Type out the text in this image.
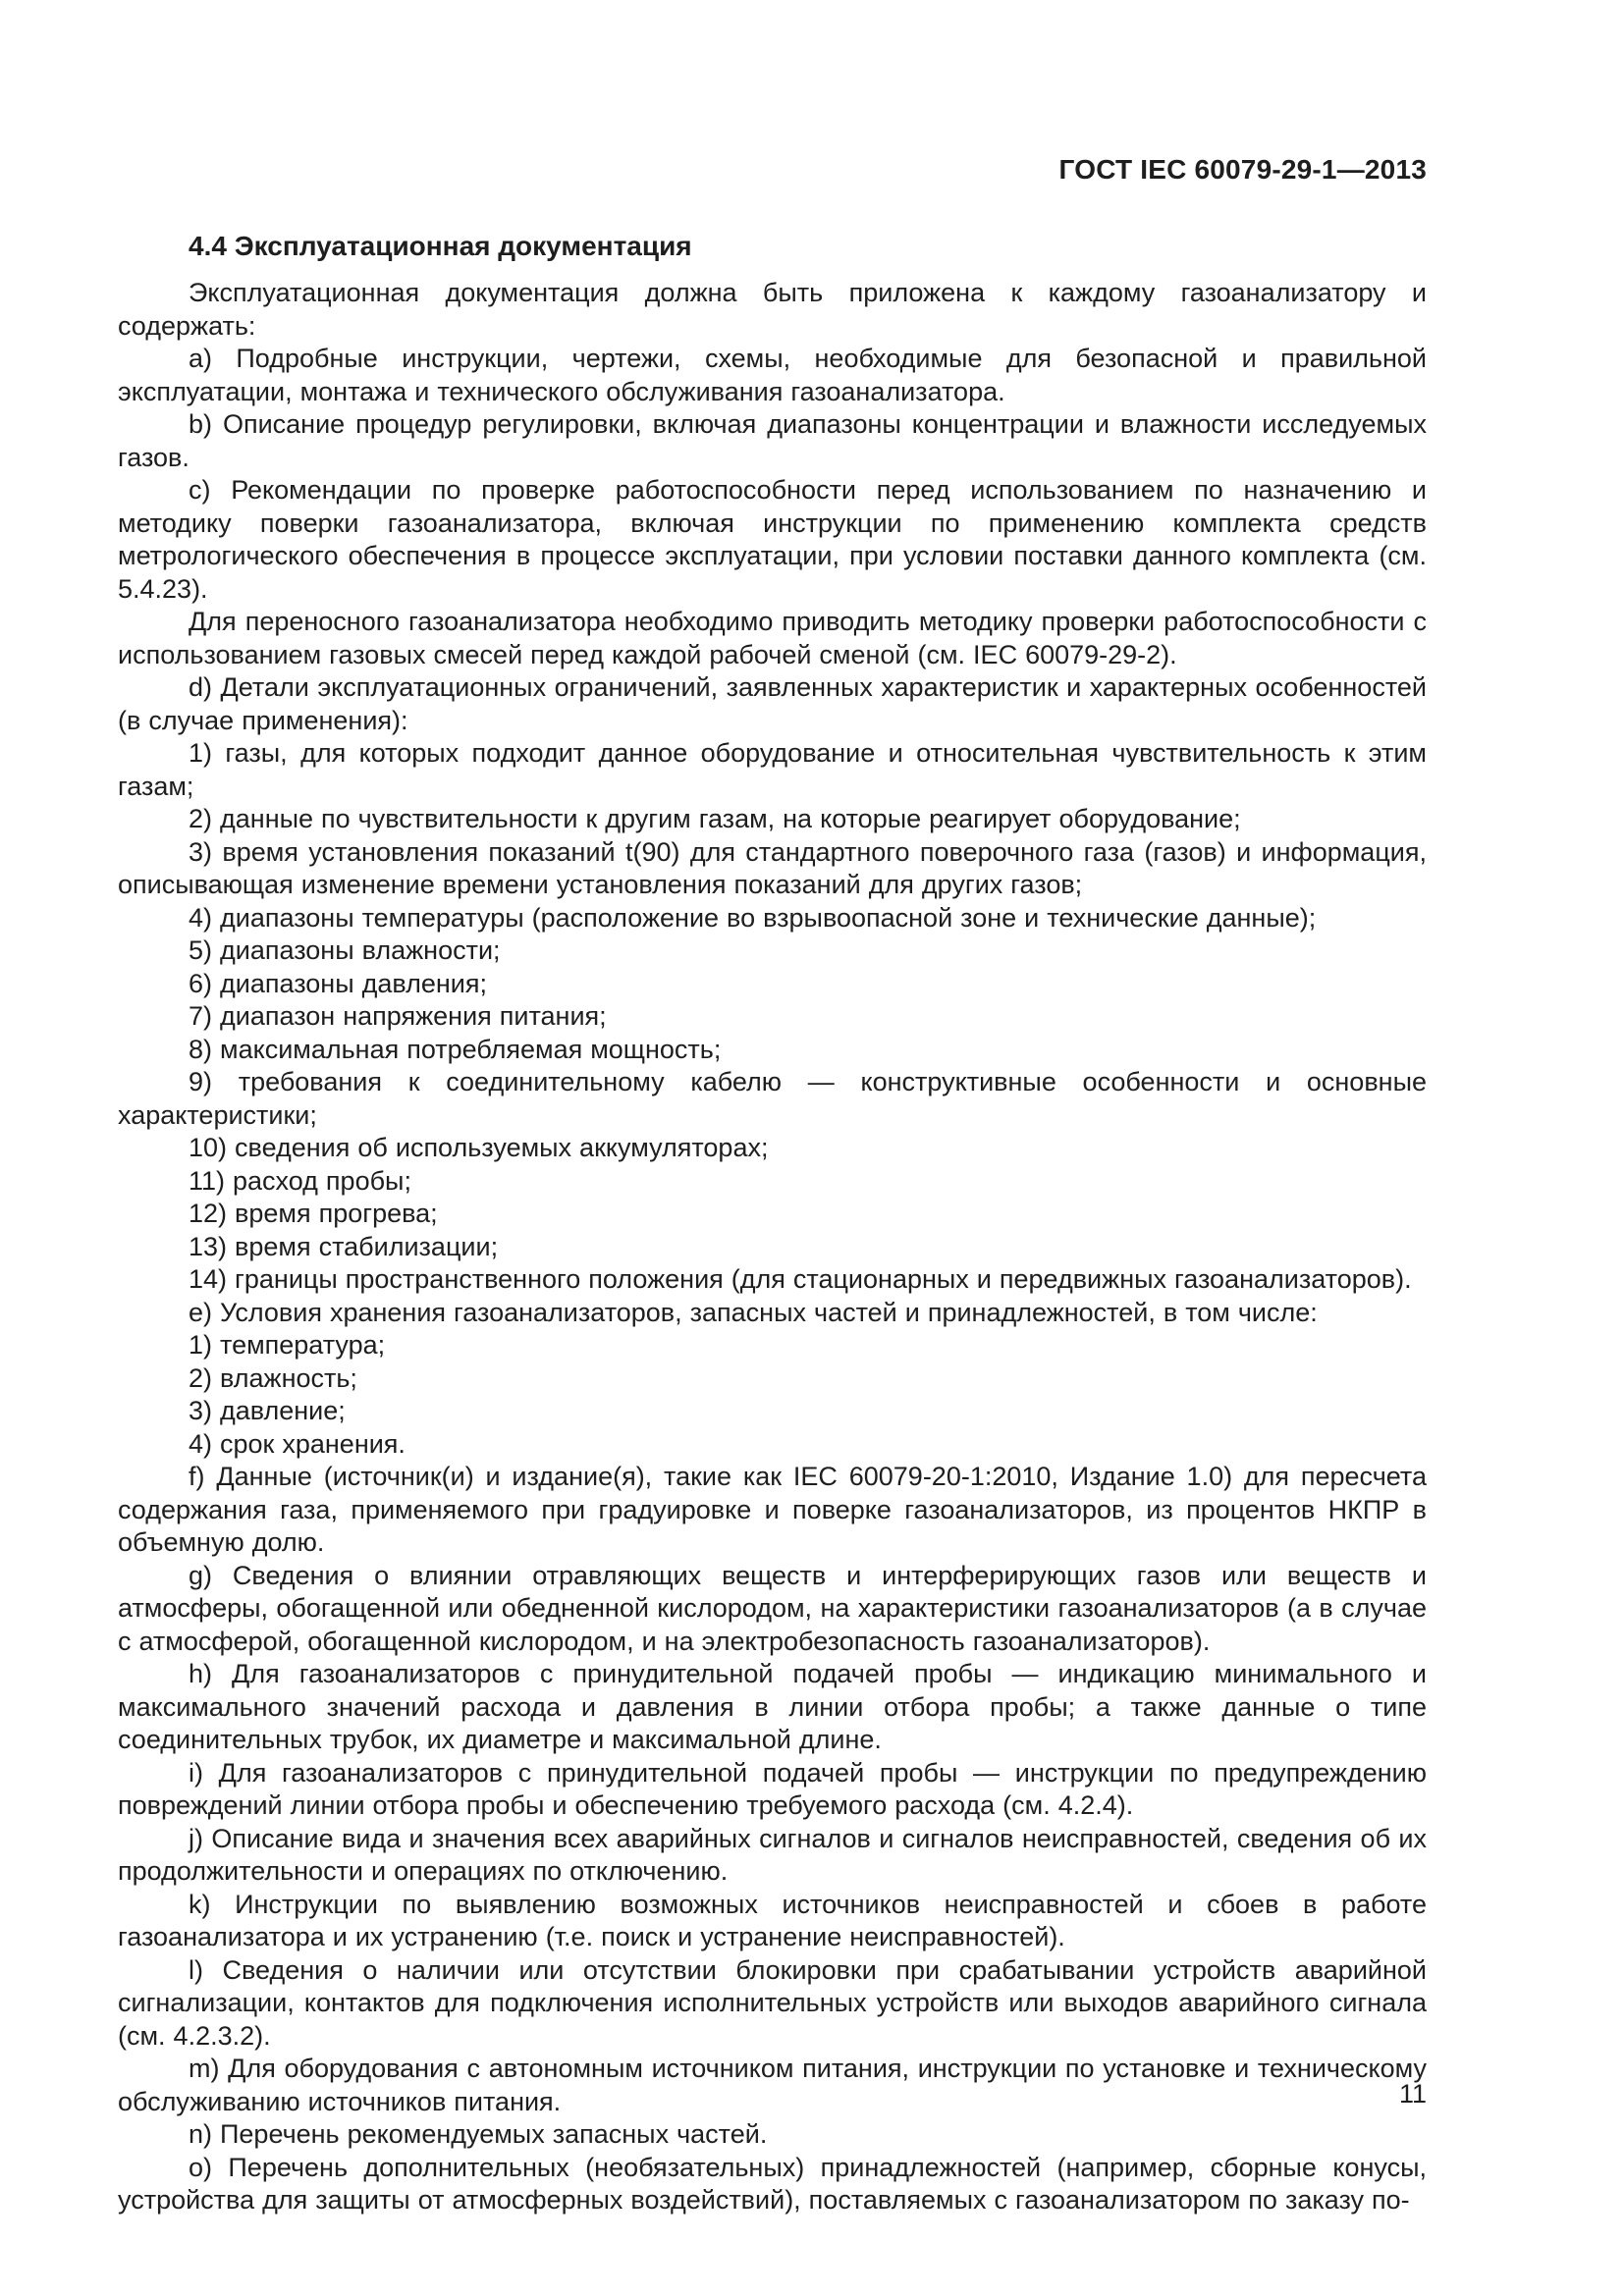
ГОСТ IEC 60079-29-1—2013
4.4 Эксплуатационная документация

Эксплуатационная документация должна быть приложена к каждому газоанализатору и содержать:

a) Подробные инструкции, чертежи, схемы, необходимые для безопасной и правильной эксплуатации, монтажа и технического обслуживания газоанализатора.

b) Описание процедур регулировки, включая диапазоны концентрации и влажности исследуемых газов.

c) Рекомендации по проверке работоспособности перед использованием по назначению и методику поверки газоанализатора, включая инструкции по применению комплекта средств метрологического обеспечения в процессе эксплуатации, при условии поставки данного комплекта (см. 5.4.23).

Для переносного газоанализатора необходимо приводить методику проверки работоспособности с использованием газовых смесей перед каждой рабочей сменой (см. IEC 60079-29-2).

d) Детали эксплуатационных ограничений, заявленных характеристик и характерных особенностей (в случае применения):

1) газы, для которых подходит данное оборудование и относительная чувствительность к этим газам;

2) данные по чувствительности к другим газам, на которые реагирует оборудование;

3) время установления показаний t(90) для стандартного поверочного газа (газов) и информация, описывающая изменение времени установления показаний для других газов;

4) диапазоны температуры (расположение во взрывоопасной зоне и технические данные);

5) диапазоны влажности;

6) диапазоны давления;

7) диапазон напряжения питания;

8) максимальная потребляемая мощность;

9) требования к соединительному кабелю — конструктивные особенности и основные характеристики;

10) сведения об используемых аккумуляторах;

11) расход пробы;

12) время прогрева;

13) время стабилизации;

14) границы пространственного положения (для стационарных и передвижных газоанализаторов).

e) Условия хранения газоанализаторов, запасных частей и принадлежностей, в том числе:

1) температура;

2) влажность;

3) давление;

4) срок хранения.

f) Данные (источник(и) и издание(я), такие как IEC 60079-20-1:2010, Издание 1.0) для пересчета содержания газа, применяемого при градуировке и поверке газоанализаторов, из процентов НКПР в объемную долю.

g) Сведения о влиянии отравляющих веществ и интерферирующих газов или веществ и атмосферы, обогащенной или обедненной кислородом, на характеристики газоанализаторов (а в случае с атмосферой, обогащенной кислородом, и на электробезопасность газоанализаторов).

h) Для газоанализаторов с принудительной подачей пробы — индикацию минимального и максимального значений расхода и давления в линии отбора пробы; а также данные о типе соединительных трубок, их диаметре и максимальной длине.

i) Для газоанализаторов с принудительной подачей пробы — инструкции по предупреждению повреждений линии отбора пробы и обеспечению требуемого расхода (см. 4.2.4).

j) Описание вида и значения всех аварийных сигналов и сигналов неисправностей, сведения об их продолжительности и операциях по отключению.

k) Инструкции по выявлению возможных источников неисправностей и сбоев в работе газоанализатора и их устранению (т.е. поиск и устранение неисправностей).

l) Сведения о наличии или отсутствии блокировки при срабатывании устройств аварийной сигнализации, контактов для подключения исполнительных устройств или выходов аварийного сигнала (см. 4.2.3.2).

m) Для оборудования с автономным источником питания, инструкции по установке и техническому обслуживанию источников питания.

n) Перечень рекомендуемых запасных частей.

o) Перечень дополнительных (необязательных) принадлежностей (например, сборные конусы, устройства для защиты от атмосферных воздействий), поставляемых с газоанализатором по заказу по-

11
